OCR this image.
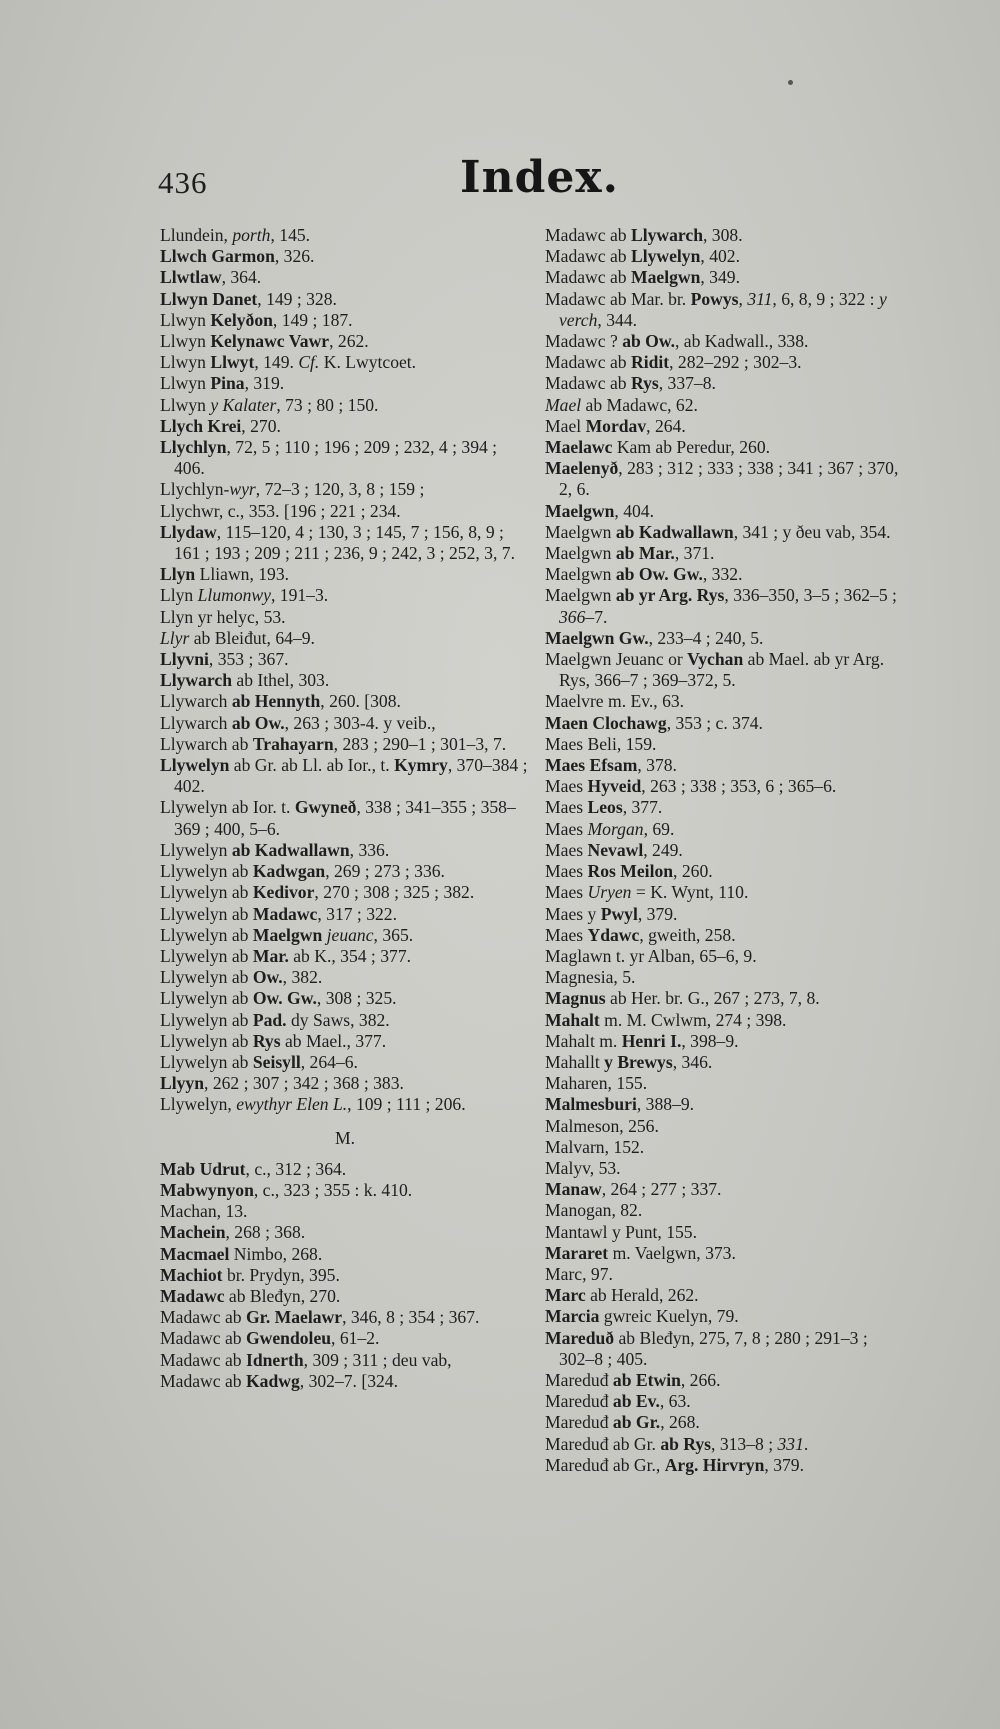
436	Index.
Llundein, porth, 145.
Llwch Garmon, 326.
Llwtlaw, 364.
Llwyn Danet, 149 ; 328.
Llwyn Kelyðon, 149 ; 187.
Llwyn Kelynawc Vawr, 262.
Llwyn Llwyt, 149. Cf. K. Lwytcoet.
Llwyn Pina, 319.
Llwyn y Kalater, 73 ; 80 ; 150.
Llych Krei, 270.
Llychlyn, 72, 5 ; 110 ; 196 ; 209 ; 232, 4 ; 394 ; 406.
Llychlyn-wyr, 72–3 ; 120, 3, 8 ; 159 ;
Llychwr, c., 353. [196 ; 221 ; 234.
Llydaw, 115–120, 4 ; 130, 3 ; 145, 7 ; 156, 8, 9 ; 161 ; 193 ; 209 ; 211 ; 236, 9 ; 242, 3 ; 252, 3, 7.
Llyn Lliawn, 193.
Llyn Llumonwy, 191–3.
Llyn yr helyc, 53.
Llyr ab Bleiđut, 64–9.
Llyvni, 353 ; 367.
Llywarch ab Ithel, 303.
Llywarch ab Hennyth, 260. [308.
Llywarch ab Ow., 263 ; 303-4. y veib.,
Llywarch ab Trahayarn, 283 ; 290–1 ; 301–3, 7.
Llywelyn ab Gr. ab Ll. ab Ior., t. Kymry, 370–384 ; 402.
Llywelyn ab Ior. t. Gwyneð, 338 ; 341–355 ; 358–369 ; 400, 5–6.
Llywelyn ab Kadwallawn, 336.
Llywelyn ab Kadwgan, 269 ; 273 ; 336.
Llywelyn ab Kedivor, 270 ; 308 ; 325 ; 382.
Llywelyn ab Madawc, 317 ; 322.
Llywelyn ab Maelgwn jeuanc, 365.
Llywelyn ab Mar. ab K., 354 ; 377.
Llywelyn ab Ow., 382.
Llywelyn ab Ow. Gw., 308 ; 325.
Llywelyn ab Pad. dy Saws, 382.
Llywelyn ab Rys ab Mael., 377.
Llywelyn ab Seisyll, 264–6.
Llyyn, 262 ; 307 ; 342 ; 368 ; 383.
Llywelyn, ewythyr Elen L., 109 ; 111 ; 206.
M.
Mab Udrut, c., 312 ; 364.
Mabwynyon, c., 323 ; 355 : k. 410.
Machan, 13.
Machein, 268 ; 368.
Macmael Nimbo, 268.
Machiot br. Prydyn, 395.
Madawc ab Bleđyn, 270.
Madawc ab Gr. Maelawr, 346, 8 ; 354 ; 367.
Madawc ab Gwendoleu, 61–2.
Madawc ab Idnerth, 309 ; 311 ; deu vab,
Madawc ab Kadwg, 302–7. [324.
Madawc ab Llywarch, 308.
Madawc ab Llywelyn, 402.
Madawc ab Maelgwn, 349.
Madawc ab Mar. br. Powys, 311, 6, 8, 9 ; 322 : y verch, 344.
Madawc ? ab Ow., ab Kadwall., 338.
Madawc ab Ridit, 282–292 ; 302–3.
Madawc ab Rys, 337–8.
Mael ab Madawc, 62.
Mael Mordav, 264.
Maelawc Kam ab Peredur, 260.
Maelenyð, 283 ; 312 ; 333 ; 338 ; 341 ; 367 ; 370, 2, 6.
Maelgwn, 404.
Maelgwn ab Kadwallawn, 341 ; y ðeu vab, 354.
Maelgwn ab Mar., 371.
Maelgwn ab Ow. Gw., 332.
Maelgwn ab yr Arg. Rys, 336–350, 3–5 ; 362–5 ; 366–7.
Maelgwn Gw., 233–4 ; 240, 5.
Maelgwn Jeuanc or Vychan ab Mael. ab yr Arg. Rys, 366–7 ; 369–372, 5.
Maelvre m. Ev., 63.
Maen Clochawg, 353 ; c. 374.
Maes Beli, 159.
Maes Efsam, 378.
Maes Hyveid, 263 ; 338 ; 353, 6 ; 365–6.
Maes Leos, 377.
Maes Morgan, 69.
Maes Nevawl, 249.
Maes Ros Meilon, 260.
Maes Uryen = K. Wynt, 110.
Maes y Pwyl, 379.
Maes Ydawc, gweith, 258.
Maglawn t. yr Alban, 65–6, 9.
Magnesia, 5.
Magnus ab Her. br. G., 267 ; 273, 7, 8.
Mahalt m. M. Cwlwm, 274 ; 398.
Mahalt m. Henri I., 398–9.
Mahallt y Brewys, 346.
Maharen, 155.
Malmesburi, 388–9.
Malmeson, 256.
Malvarn, 152.
Malyv, 53.
Manaw, 264 ; 277 ; 337.
Manogan, 82.
Mantawl y Punt, 155.
Mararet m. Vaelgwn, 373.
Marc, 97.
Marc ab Herald, 262.
Marcia gwreic Kuelyn, 79.
Mareduð ab Bleđyn, 275, 7, 8 ; 280 ; 291–3 ; 302–8 ; 405.
Mareduđ ab Etwin, 266.
Mareduđ ab Ev., 63.
Mareduđ ab Gr., 268.
Mareduđ ab Gr. ab Rys, 313–8 ; 331.
Mareduđ ab Gr., Arg. Hirvryn, 379.
